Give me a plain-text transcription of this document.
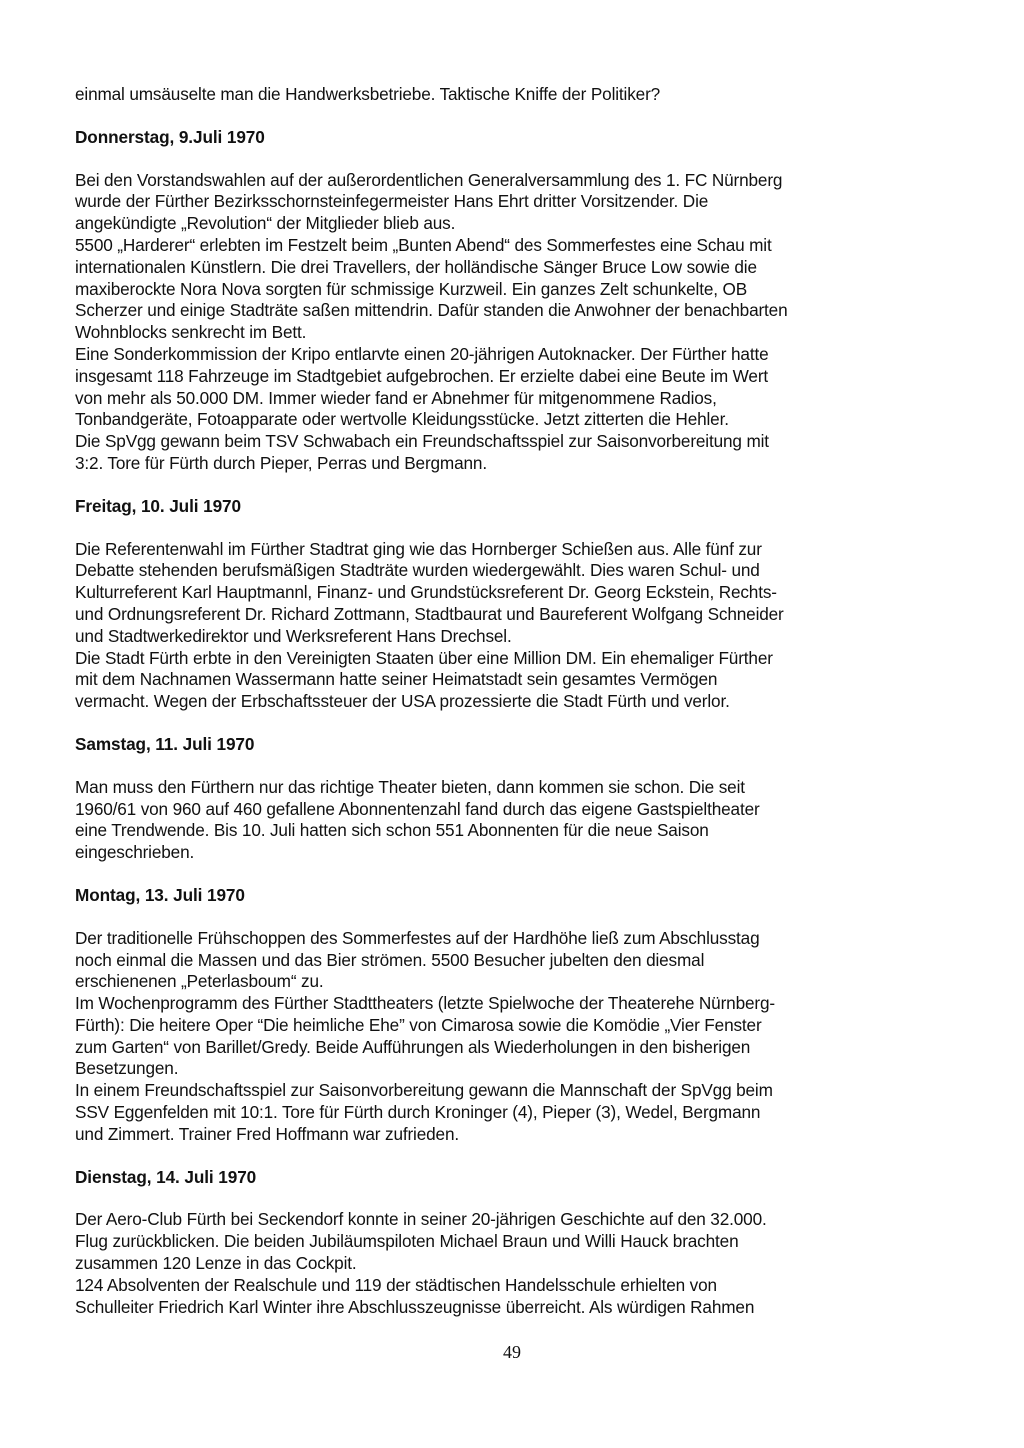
einmal umsäuselte man die Handwerksbetriebe. Taktische Kniffe der Politiker?
Donnerstag, 9.Juli 1970
Bei den Vorstandswahlen auf der außerordentlichen Generalversammlung des 1. FC Nürnberg
wurde der Fürther Bezirksschornsteinfegermeister Hans Ehrt dritter Vorsitzender. Die
angekündigte „Revolution“ der Mitglieder blieb aus.
5500 „Harderer“ erlebten im Festzelt beim „Bunten Abend“ des Sommerfestes eine Schau mit
internationalen Künstlern. Die drei Travellers, der holländische Sänger Bruce Low sowie die
maxiberockte Nora Nova sorgten für schmissige Kurzweil. Ein ganzes Zelt schunkelte, OB
Scherzer und einige Stadträte saßen mittendrin. Dafür standen die Anwohner der benachbarten
Wohnblocks senkrecht im Bett.
Eine Sonderkommission der Kripo entlarvte einen 20-jährigen Autoknacker. Der Fürther hatte
insgesamt 118 Fahrzeuge im Stadtgebiet aufgebrochen. Er erzielte dabei eine Beute im Wert
von mehr als 50.000 DM. Immer wieder fand er Abnehmer für mitgenommene Radios,
Tonbandgeräte, Fotoapparate oder wertvolle Kleidungsstücke. Jetzt zitterten die Hehler.
Die SpVgg gewann beim TSV Schwabach ein Freundschaftsspiel zur Saisonvorbereitung mit
3:2. Tore für Fürth durch Pieper, Perras und Bergmann.
Freitag, 10. Juli 1970
Die Referentenwahl im Fürther Stadtrat ging wie das Hornberger Schießen aus. Alle fünf zur
Debatte stehenden berufsmäßigen Stadträte wurden wiedergewählt. Dies waren Schul- und
Kulturreferent Karl Hauptmannl, Finanz- und Grundstücksreferent Dr. Georg Eckstein, Rechts-
und Ordnungsreferent Dr. Richard Zottmann, Stadtbaurat und Baureferent Wolfgang Schneider
und Stadtwerkedirektor und Werksreferent Hans Drechsel.
Die Stadt Fürth erbte in den Vereinigten Staaten über eine Million DM. Ein ehemaliger Fürther
mit dem Nachnamen Wassermann hatte seiner Heimatstadt sein gesamtes Vermögen
vermacht. Wegen der Erbschaftssteuer der USA prozessierte die Stadt Fürth und verlor.
Samstag, 11. Juli 1970
Man muss den Fürthern nur das richtige Theater bieten, dann kommen sie schon. Die seit
1960/61 von 960 auf 460 gefallene Abonnentenzahl fand durch das eigene Gastspieltheater
eine Trendwende. Bis 10. Juli hatten sich schon 551 Abonnenten für die neue Saison
eingeschrieben.
Montag, 13. Juli 1970
Der traditionelle Frühschoppen des Sommerfestes auf der Hardhöhe ließ zum Abschlusstag
noch einmal die Massen und das Bier strömen. 5500 Besucher jubelten den diesmal
erschienenen „Peterlasboum“ zu.
Im Wochenprogramm des Fürther Stadttheaters (letzte Spielwoche der Theaterehe Nürnberg-
Fürth): Die heitere Oper “Die heimliche Ehe” von Cimarosa sowie die Komödie „Vier Fenster
zum Garten“ von Barillet/Gredy. Beide Aufführungen als Wiederholungen in den bisherigen
Besetzungen.
In einem Freundschaftsspiel zur Saisonvorbereitung gewann die Mannschaft der SpVgg beim
SSV Eggenfelden mit 10:1. Tore für Fürth durch Kroninger (4), Pieper (3), Wedel, Bergmann
und Zimmert. Trainer Fred Hoffmann war zufrieden.
Dienstag, 14. Juli 1970
Der Aero-Club Fürth bei Seckendorf konnte in seiner 20-jährigen Geschichte auf den 32.000.
Flug zurückblicken. Die beiden Jubiläumspiloten Michael Braun und Willi Hauck brachten
zusammen 120 Lenze in das Cockpit.
124 Absolventen der Realschule und 119 der städtischen Handelsschule erhielten von
Schulleiter Friedrich Karl Winter ihre Abschlusszeugnisse überreicht. Als würdigen Rahmen
49
